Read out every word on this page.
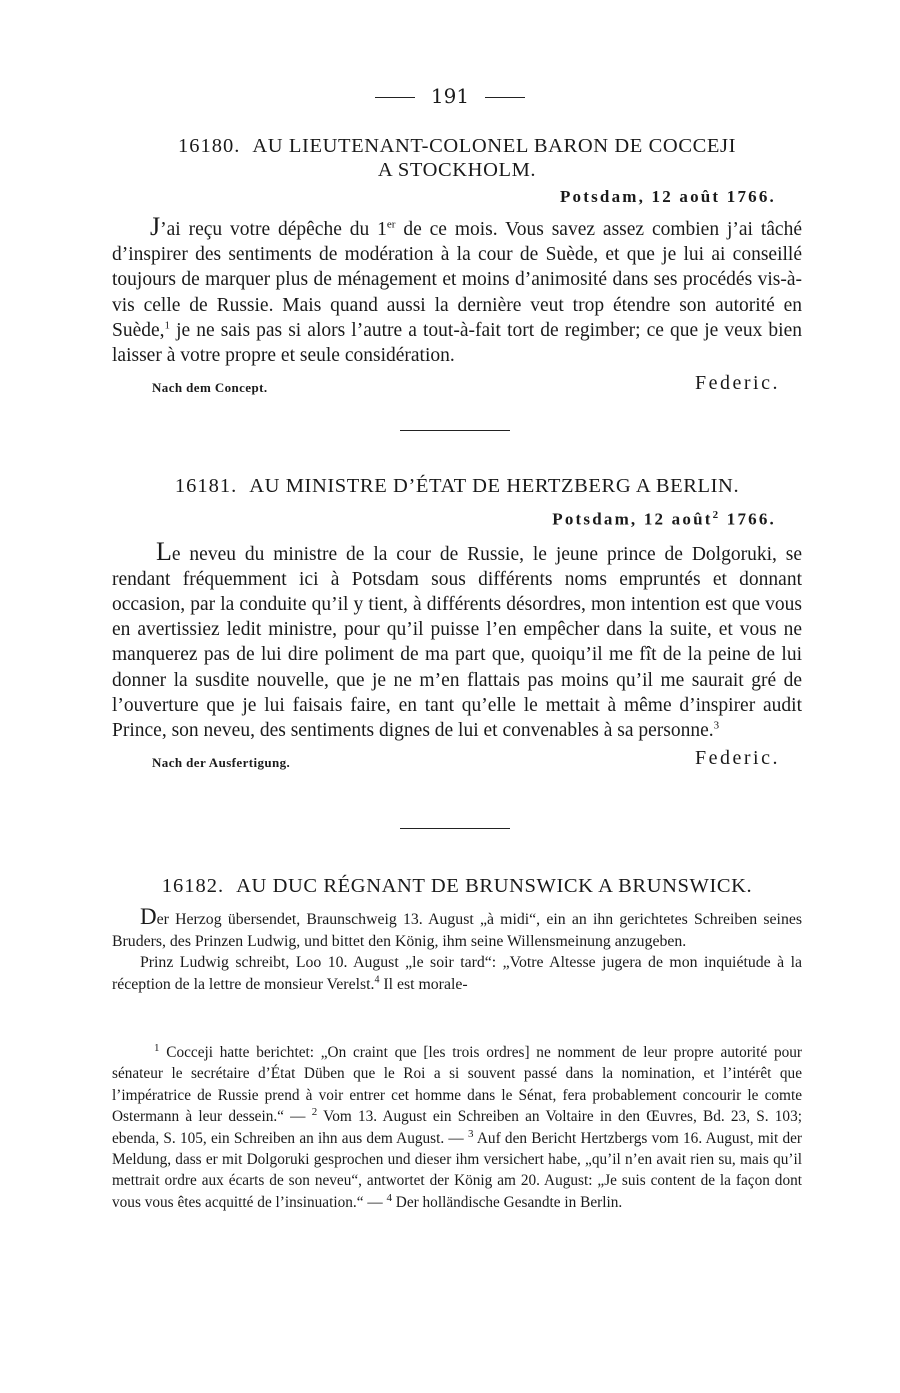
191
16180. AU LIEUTENANT-COLONEL BARON DE COCCEJI
A STOCKHOLM.
Potsdam, 12 août 1766.
J’ai reçu votre dépêche du 1er de ce mois. Vous savez assez combien j’ai tâché d’inspirer des sentiments de modération à la cour de Suède, et que je lui ai conseillé toujours de marquer plus de ménagement et moins d’animosité dans ses procédés vis-à-vis celle de Russie. Mais quand aussi la dernière veut trop étendre son autorité en Suède,$^1$ je ne sais pas si alors l’autre a tout-à-fait tort de regimber; ce que je veux bien laisser à votre propre et seule considération.
Nach dem Concept.	Federic.
16181. AU MINISTRE D’ÉTAT DE HERTZBERG A BERLIN.
Potsdam, 12 août$^2$ 1766.
Le neveu du ministre de la cour de Russie, le jeune prince de Dolgoruki, se rendant fréquemment ici à Potsdam sous différents noms empruntés et donnant occasion, par la conduite qu’il y tient, à différents désordres, mon intention est que vous en avertissiez ledit ministre, pour qu’il puisse l’en empêcher dans la suite, et vous ne manquerez pas de lui dire poliment de ma part que, quoiqu’il me fît de la peine de lui donner la susdite nouvelle, que je ne m’en flattais pas moins qu’il me saurait gré de l’ouverture que je lui faisais faire, en tant qu’elle le mettait à même d’inspirer audit Prince, son neveu, des sentiments dignes de lui et convenables à sa personne.$^3$
Nach der Ausfertigung.	Federic.
16182. AU DUC RÉGNANT DE BRUNSWICK A BRUNSWICK.

Der Herzog übersendet, Braunschweig 13. August „à midi“, ein an ihn gerichtetes Schreiben seines Bruders, des Prinzen Ludwig, und bittet den König, ihm seine Willensmeinung anzugeben.

Prinz Ludwig schreibt, Loo 10. August „le soir tard“: „Votre Altesse jugera de mon inquiétude à la réception de la lettre de monsieur Verelst.$^4$ Il est morale-

$^1$ Cocceji hatte berichtet: „On craint que [les trois ordres] ne nomment de leur propre autorité pour sénateur le secrétaire d’État Düben que le Roi a si souvent passé dans la nomination, et l’intérêt que l’impératrice de Russie prend à voir entrer cet homme dans le Sénat, fera probablement concourir le comte Ostermann à leur dessein.“ — $^2$ Vom 13. August ein Schreiben an Voltaire in den Œuvres, Bd. 23, S. 103; ebenda, S. 105, ein Schreiben an ihn aus dem August. — $^3$ Auf den Bericht Hertzbergs vom 16. August, mit der Meldung, dass er mit Dolgoruki gesprochen und dieser ihm versichert habe, „qu’il n’en avait rien su, mais qu’il mettrait ordre aux écarts de son neveu“, antwortet der König am 20. August: „Je suis content de la façon dont vous vous êtes acquitté de l’insinuation.“ — $^4$ Der holländische Gesandte in Berlin.
